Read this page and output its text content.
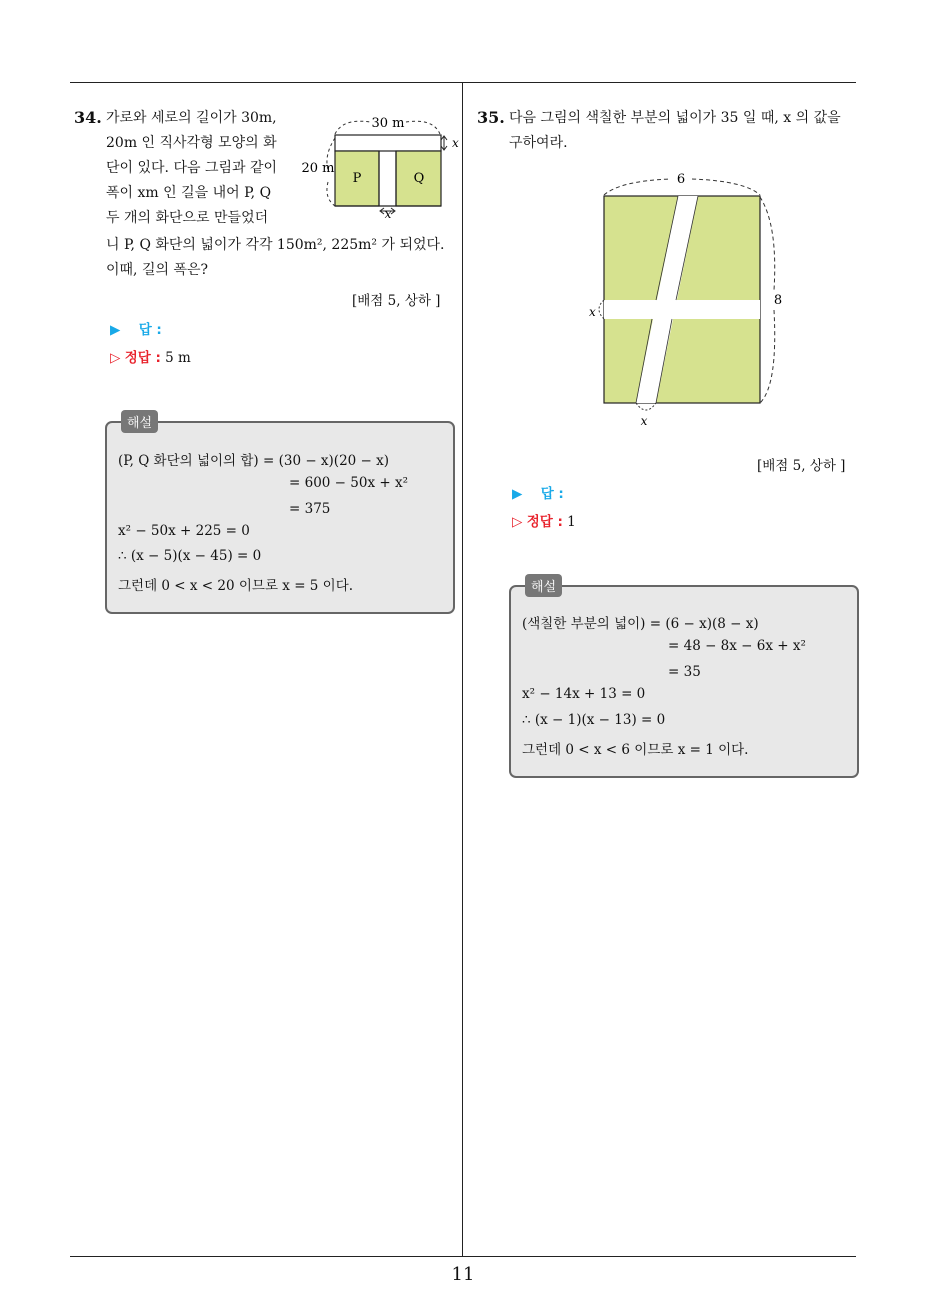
11
34. 가로와 세로의 길이가 30m,
20m 인 직사각형 모양의 화
단이 있다. 다음 그림과 같이
폭이 xm 인 길을 내어 P, Q
두 개의 화단으로 만들었더
니 P, Q 화단의 넓이가 각각 150m², 225m² 가 되었다.
이때, 길의 폭은?
30 m
20 m
P	Q
x
x
[배점 5, 상하 ]
▶ 답 :
▷ 정답 : 5 m
해설
(P, Q 화단의 넓이의 합) = (30 − x)(20 − x)
= 600 − 50x + x²
= 375
x² − 50x + 225 = 0
∴ (x − 5)(x − 45) = 0
그런데 0 < x < 20 이므로 x = 5 이다.
35. 다음 그림의 색칠한 부분의 넓이가 35 일 때, x 의 값을
구하여라.
6
8
x
x
[배점 5, 상하 ]
▶ 답 :
▷ 정답 : 1
해설
(색칠한 부분의 넓이) = (6 − x)(8 − x)
= 48 − 8x − 6x + x²
= 35
x² − 14x + 13 = 0
∴ (x − 1)(x − 13) = 0
그런데 0 < x < 6 이므로 x = 1 이다.
